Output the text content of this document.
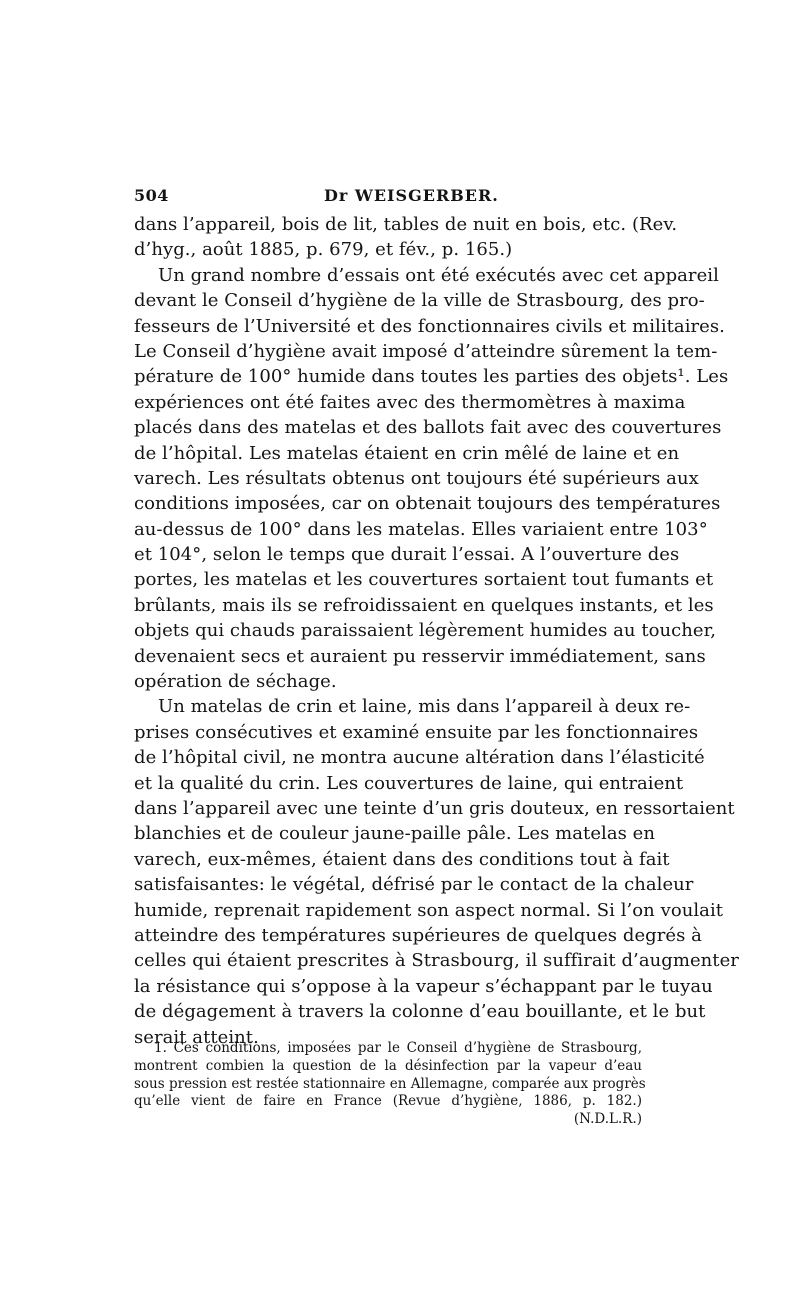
504	Dr WEISGERBER.
dans l’appareil, bois de lit, tables de nuit en bois, etc. (Rev.
d’hyg., août 1885, p. 679, et fév., p. 165.)
Un grand nombre d’essais ont été exécutés avec cet appareil
devant le Conseil d’hygiène de la ville de Strasbourg, des pro-
fesseurs de l’Université et des fonctionnaires civils et militaires.
Le Conseil d’hygiène avait imposé d’atteindre sûrement la tem-
pérature de 100° humide dans toutes les parties des objets¹. Les
expériences ont été faites avec des thermomètres à maxima
placés dans des matelas et des ballots fait avec des couvertures
de l’hôpital. Les matelas étaient en crin mêlé de laine et en
varech. Les résultats obtenus ont toujours été supérieurs aux
conditions imposées, car on obtenait toujours des températures
au-dessus de 100° dans les matelas. Elles variaient entre 103°
et 104°, selon le temps que durait l’essai. A l’ouverture des
portes, les matelas et les couvertures sortaient tout fumants et
brûlants, mais ils se refroidissaient en quelques instants, et les
objets qui chauds paraissaient légèrement humides au toucher,
devenaient secs et auraient pu resservir immédiatement, sans
opération de séchage.
Un matelas de crin et laine, mis dans l’appareil à deux re-
prises consécutives et examiné ensuite par les fonctionnaires
de l’hôpital civil, ne montra aucune altération dans l’élasticité
et la qualité du crin. Les couvertures de laine, qui entraient
dans l’appareil avec une teinte d’un gris douteux, en ressortaient
blanchies et de couleur jaune-paille pâle. Les matelas en
varech, eux-mêmes, étaient dans des conditions tout à fait
satisfaisantes: le végétal, défrisé par le contact de la chaleur
humide, reprenait rapidement son aspect normal. Si l’on voulait
atteindre des températures supérieures de quelques degrés à
celles qui étaient prescrites à Strasbourg, il suffirait d’augmenter
la résistance qui s’oppose à la vapeur s’échappant par le tuyau
de dégagement à travers la colonne d’eau bouillante, et le but
serait atteint.
1. Ces conditions, imposées par le Conseil d’hygiène de Strasbourg,
montrent combien la question de la désinfection par la vapeur d’eau
sous pression est restée stationnaire en Allemagne, comparée aux progrès
qu’elle vient de faire en France (Revue d’hygiène, 1886, p. 182.)
(N.D.L.R.)
